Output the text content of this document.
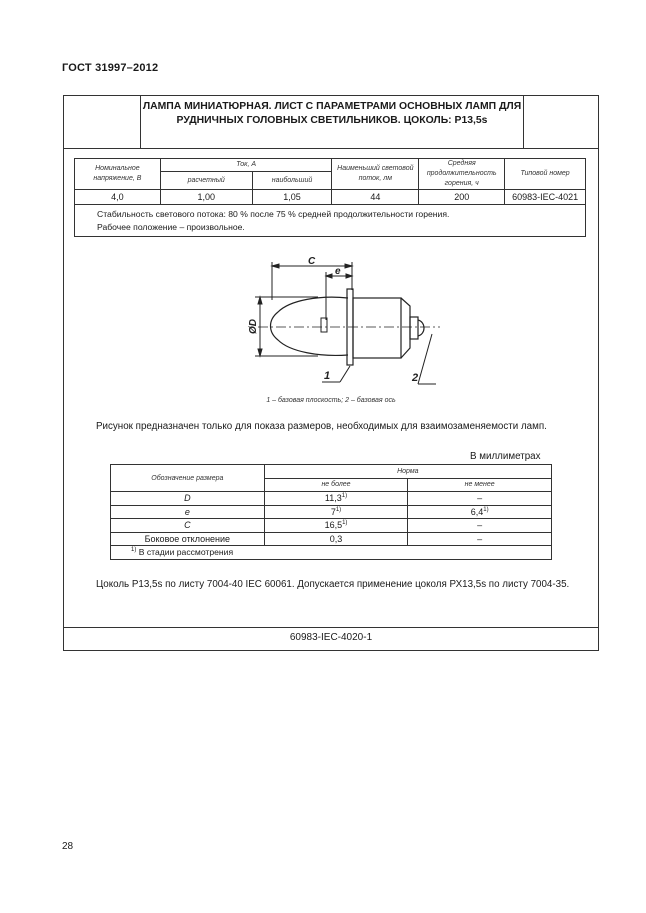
ГОСТ 31997–2012
ЛАМПА МИНИАТЮРНАЯ. ЛИСТ С ПАРАМЕТРАМИ ОСНОВНЫХ ЛАМП ДЛЯ РУДНИЧНЫХ ГОЛОВНЫХ СВЕТИЛЬНИКОВ. ЦОКОЛЬ: Р13,5s
Номинальное напряжение, В	Ток, А		Наименьший световой поток, лм	Средняя продолжительность горения, ч	Типовой номер
	расчетный	наибольший			
4,0	1,00	1,05	44	200	60983-IEC-4021

Стабильность светового потока: 80 % после 75 % средней продолжительности горения.
Рабочее положение – произвольное.					
C
e
ØD
1	2
1 – базовая плоскость; 2 – базовая ось
Рисунок предназначен только для показа размеров, необходимых для взаимозаменяемости ламп.
В миллиметрах
Обозначение размера	Норма	
	не более	не менее
D	11,3$^{1)}$	–
e	7$^{1)}$	6,4$^{1)}$
C	16,5$^{1)}$	–
Боковое отклонение	0,3	–
$^{1)}$ В стадии рассмотрения		
Цоколь Р13,5s по листу 7004-40 IEC 60061. Допускается применение цоколя РХ13,5s по листу 7004-35.
60983-IEC-4020-1
28
